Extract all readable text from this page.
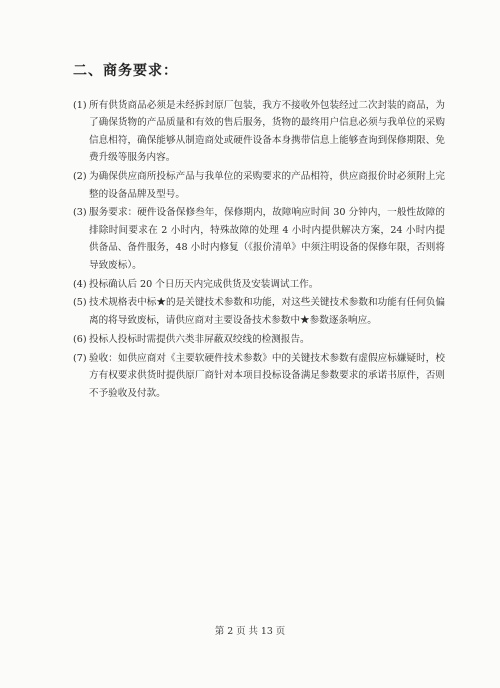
二、商务要求：
(1) 所有供货商品必须是未经拆封原厂包装，我方不接收外包装经过二次封装的商品，为了确保货物的产品质量和有效的售后服务，货物的最终用户信息必须与我单位的采购信息相符，确保能够从制造商处或硬件设备本身携带信息上能够查询到保修期限、免费升级等服务内容。
(2) 为确保供应商所投标产品与我单位的采购要求的产品相符，供应商报价时必须附上完整的设备品牌及型号。
(3) 服务要求：硬件设备保修叁年，保修期内，故障响应时间 30 分钟内，一般性故障的排除时间要求在 2 小时内，特殊故障的处理 4 小时内提供解决方案，24 小时内提供备品、备件服务，48 小时内修复（《报价清单》中须注明设备的保修年限，否则将导致废标）。
(4) 投标确认后 20 个日历天内完成供货及安装调试工作。
(5) 技术规格表中标★的是关键技术参数和功能，对这些关键技术参数和功能有任何负偏离的将导致废标，请供应商对主要设备技术参数中★参数逐条响应。
(6) 投标人投标时需提供六类非屏蔽双绞线的检测报告。
(7) 验收：如供应商对《主要软硬件技术参数》中的关键技术参数有虚假应标嫌疑时，校方有权要求供货时提供原厂商针对本项目投标设备满足参数要求的承诺书原件，否则不予验收及付款。
第 2 页 共 13 页
